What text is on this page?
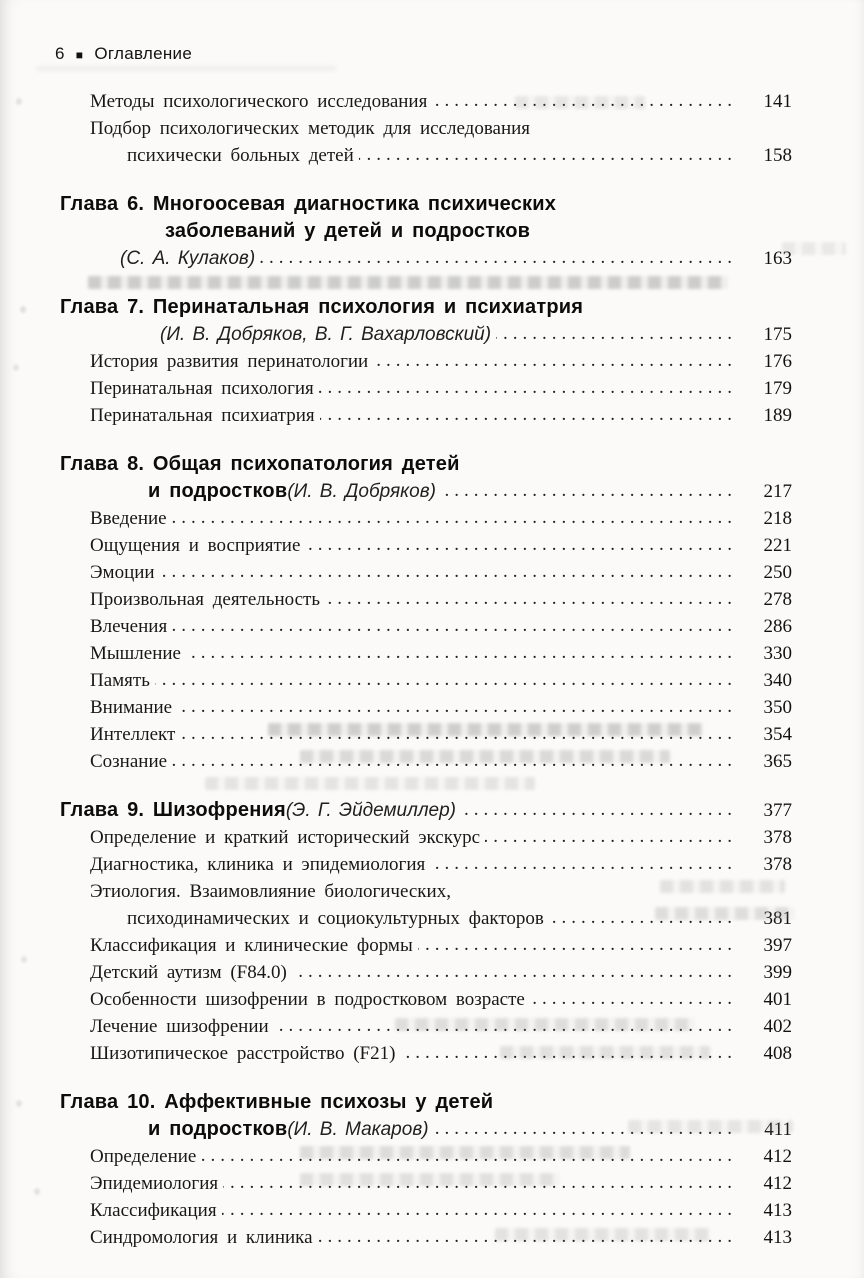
6 ■ Оглавление
Методы психологического исследования .....	141
Подбор психологических методик для исследования
психически больных детей .....	158
Глава 6. Многоосевая диагностика психических
заболеваний у детей и подростков
(С. А. Кулаков) .....	163
Глава 7. Перинатальная психология и психиатрия
(И. В. Добряков, В. Г. Вахарловский) .....	175
История развития перинатологии .....	176
Перинатальная психология .....	179
Перинатальная психиатрия .....	189
Глава 8. Общая психопатология детей
и подростков (И. В. Добряков) .....	217
Введение .....	218
Ощущения и восприятие .....	221
Эмоции .....	250
Произвольная деятельность .....	278
Влечения .....	286
Мышление .....	330
Память .....	340
Внимание .....	350
Интеллект .....	354
Сознание .....	365
Глава 9. Шизофрения (Э. Г. Эйдемиллер) .....	377
Определение и краткий исторический экскурс .....	378
Диагностика, клиника и эпидемиология .....	378
Этиология. Взаимовлияние биологических,
психодинамических и социокультурных факторов .....	381
Классификация и клинические формы .....	397
Детский аутизм (F84.0) .....	399
Особенности шизофрении в подростковом возрасте .....	401
Лечение шизофрении .....	402
Шизотипическое расстройство (F21) .....	408
Глава 10. Аффективные психозы у детей
и подростков (И. В. Макаров) .....	411
Определение .....	412
Эпидемиология .....	412
Классификация .....	413
Синдромология и клиника .....	413
